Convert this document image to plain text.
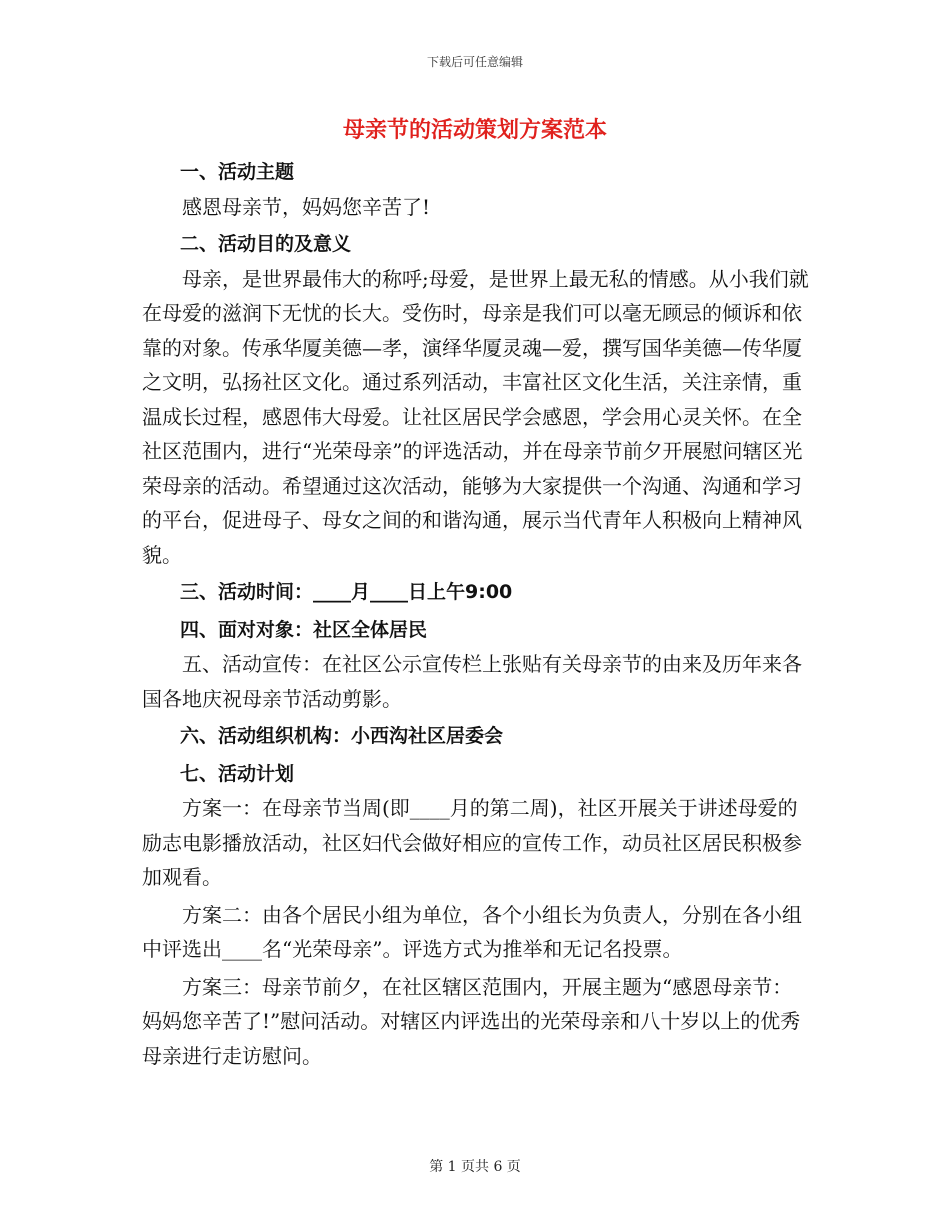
下载后可任意编辑
母亲节的活动策划方案范本

一、活动主题

感恩母亲节，妈妈您辛苦了!

二、活动目的及意义

母亲，是世界最伟大的称呼;母爱，是世界上最无私的情感。从小我们就在母爱的滋润下无忧的长大。受伤时，母亲是我们可以毫无顾忌的倾诉和依靠的对象。传承华厦美德—孝，演绎华厦灵魂—爱，撰写国华美德—传华厦之文明，弘扬社区文化。通过系列活动，丰富社区文化生活，关注亲情，重温成长过程，感恩伟大母爱。让社区居民学会感恩，学会用心灵关怀。在全社区范围内，进行“光荣母亲”的评选活动，并在母亲节前夕开展慰问辖区光荣母亲的活动。希望通过这次活动，能够为大家提供一个沟通、沟通和学习的平台，促进母子、母女之间的和谐沟通，展示当代青年人积极向上精神风貌。

三、活动时间：____月____日上午9:00

四、面对对象：社区全体居民

五、活动宣传：在社区公示宣传栏上张贴有关母亲节的由来及历年来各国各地庆祝母亲节活动剪影。

六、活动组织机构：小西沟社区居委会

七、活动计划

方案一：在母亲节当周(即____月的第二周)，社区开展关于讲述母爱的励志电影播放活动，社区妇代会做好相应的宣传工作，动员社区居民积极参加观看。

方案二：由各个居民小组为单位，各个小组长为负责人，分别在各小组中评选出____名“光荣母亲”。评选方式为推举和无记名投票。

方案三：母亲节前夕，在社区辖区范围内，开展主题为“感恩母亲节：妈妈您辛苦了!”慰问活动。对辖区内评选出的光荣母亲和八十岁以上的优秀母亲进行走访慰问。

第 1 页共 6 页
